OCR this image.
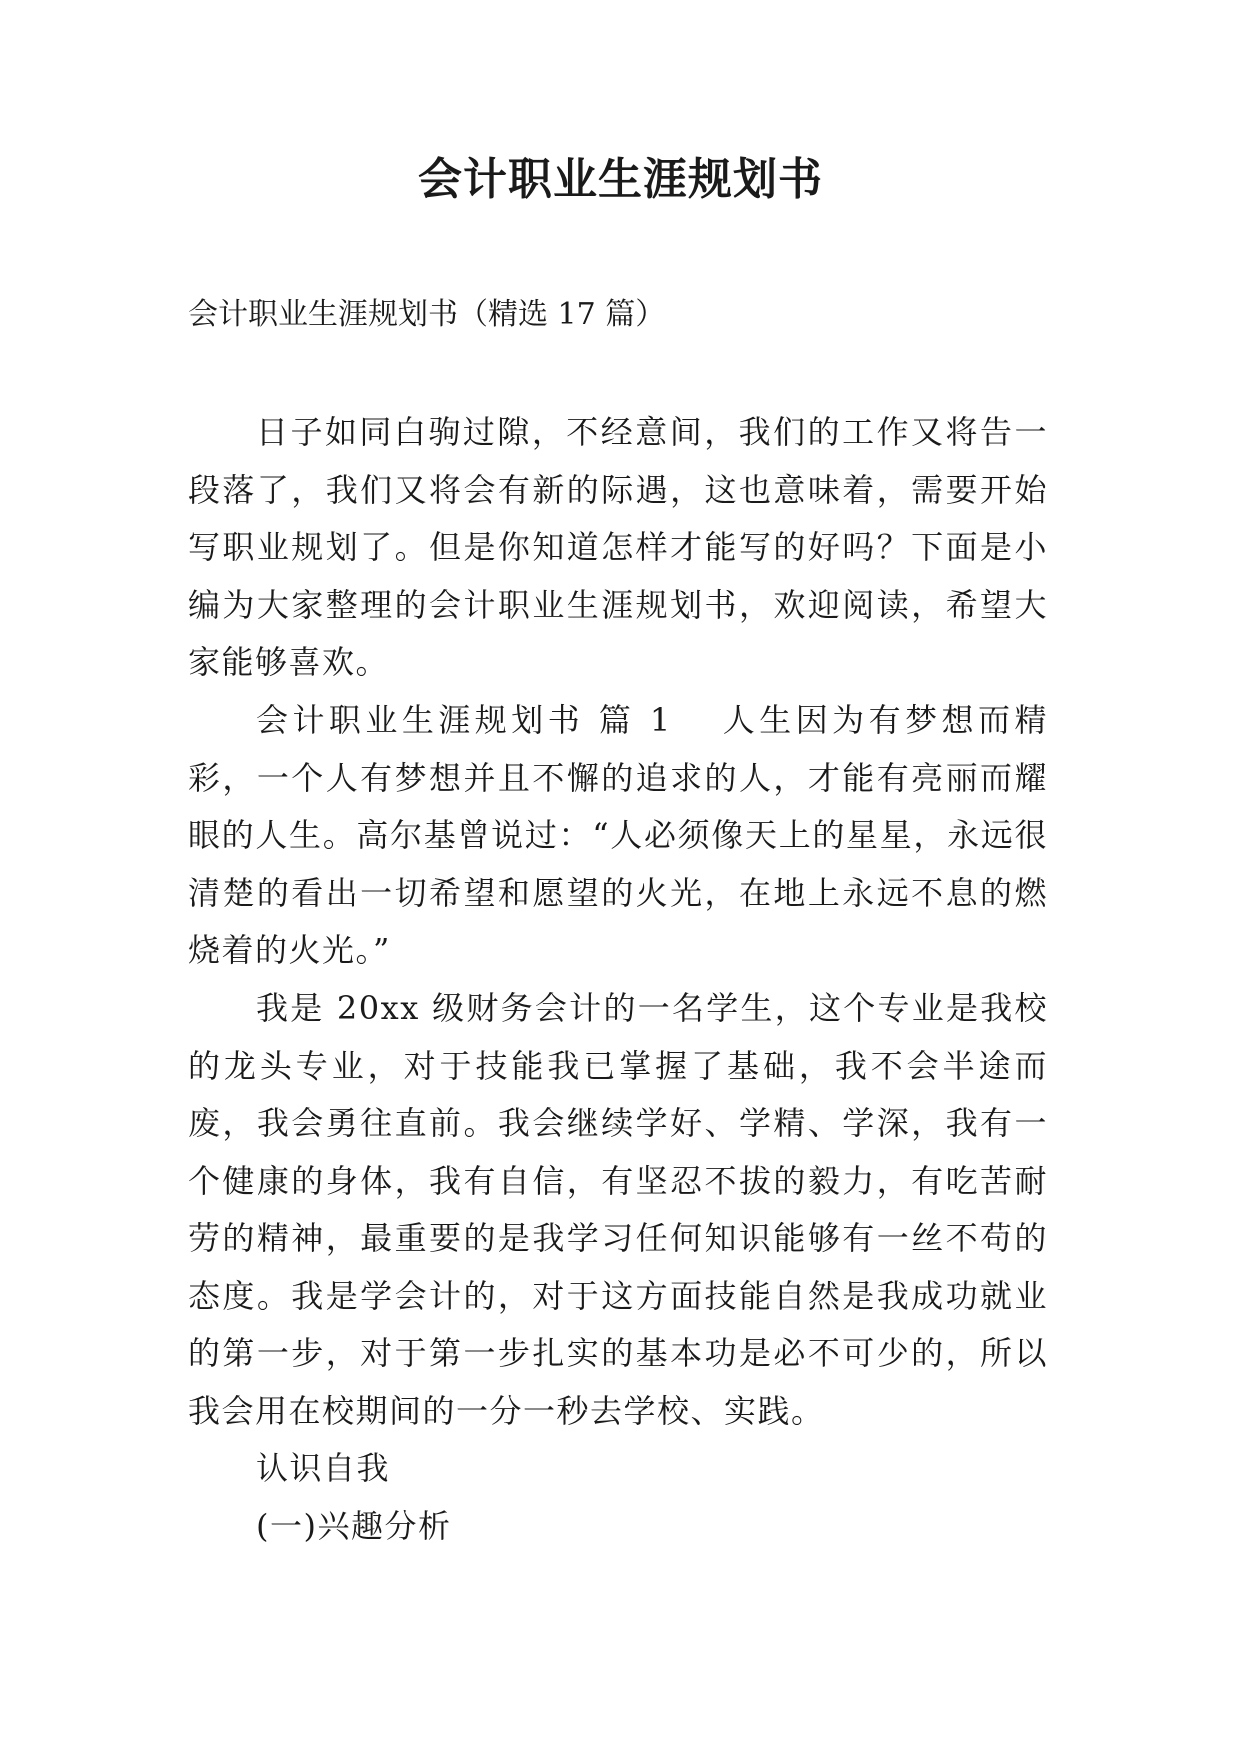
会计职业生涯规划书

会计职业生涯规划书（精选 17 篇）

日子如同白驹过隙，不经意间，我们的工作又将告一段落了，我们又将会有新的际遇，这也意味着，需要开始写职业规划了。但是你知道怎样才能写的好吗？下面是小编为大家整理的会计职业生涯规划书，欢迎阅读，希望大家能够喜欢。

会计职业生涯规划书 篇 1 人生因为有梦想而精彩，一个人有梦想并且不懈的追求的人，才能有亮丽而耀眼的人生。高尔基曾说过：“人必须像天上的星星，永远很清楚的看出一切希望和愿望的火光，在地上永远不息的燃烧着的火光。”

我是 20xx 级财务会计的一名学生，这个专业是我校的龙头专业，对于技能我已掌握了基础，我不会半途而废，我会勇往直前。我会继续学好、学精、学深，我有一个健康的身体，我有自信，有坚忍不拔的毅力，有吃苦耐劳的精神，最重要的是我学习任何知识能够有一丝不苟的态度。我是学会计的，对于这方面技能自然是我成功就业的第一步，对于第一步扎实的基本功是必不可少的，所以我会用在校期间的一分一秒去学校、实践。

认识自我

(一)兴趣分析
